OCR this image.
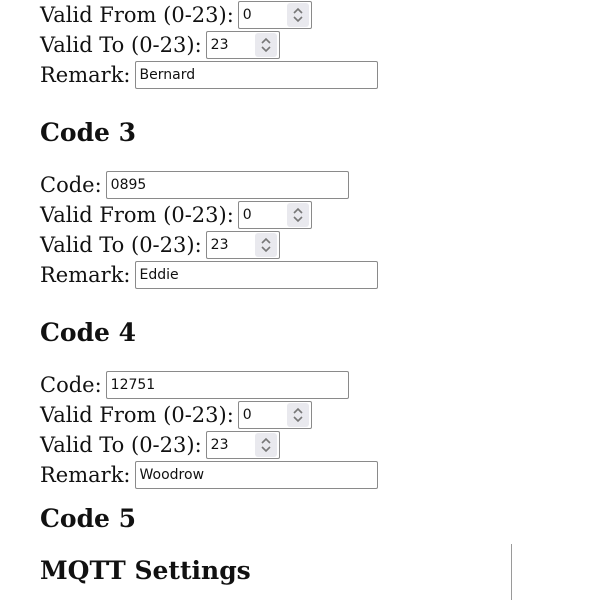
Valid From (0-23): 0
Valid To (0-23): 23
Remark: Bernard
Code 3
Code: 0895
Valid From (0-23): 0
Valid To (0-23): 23
Remark: Eddie
Code 4
Code: 12751
Valid From (0-23): 0
Valid To (0-23): 23
Remark: Woodrow
Code 5
MQTT Settings
